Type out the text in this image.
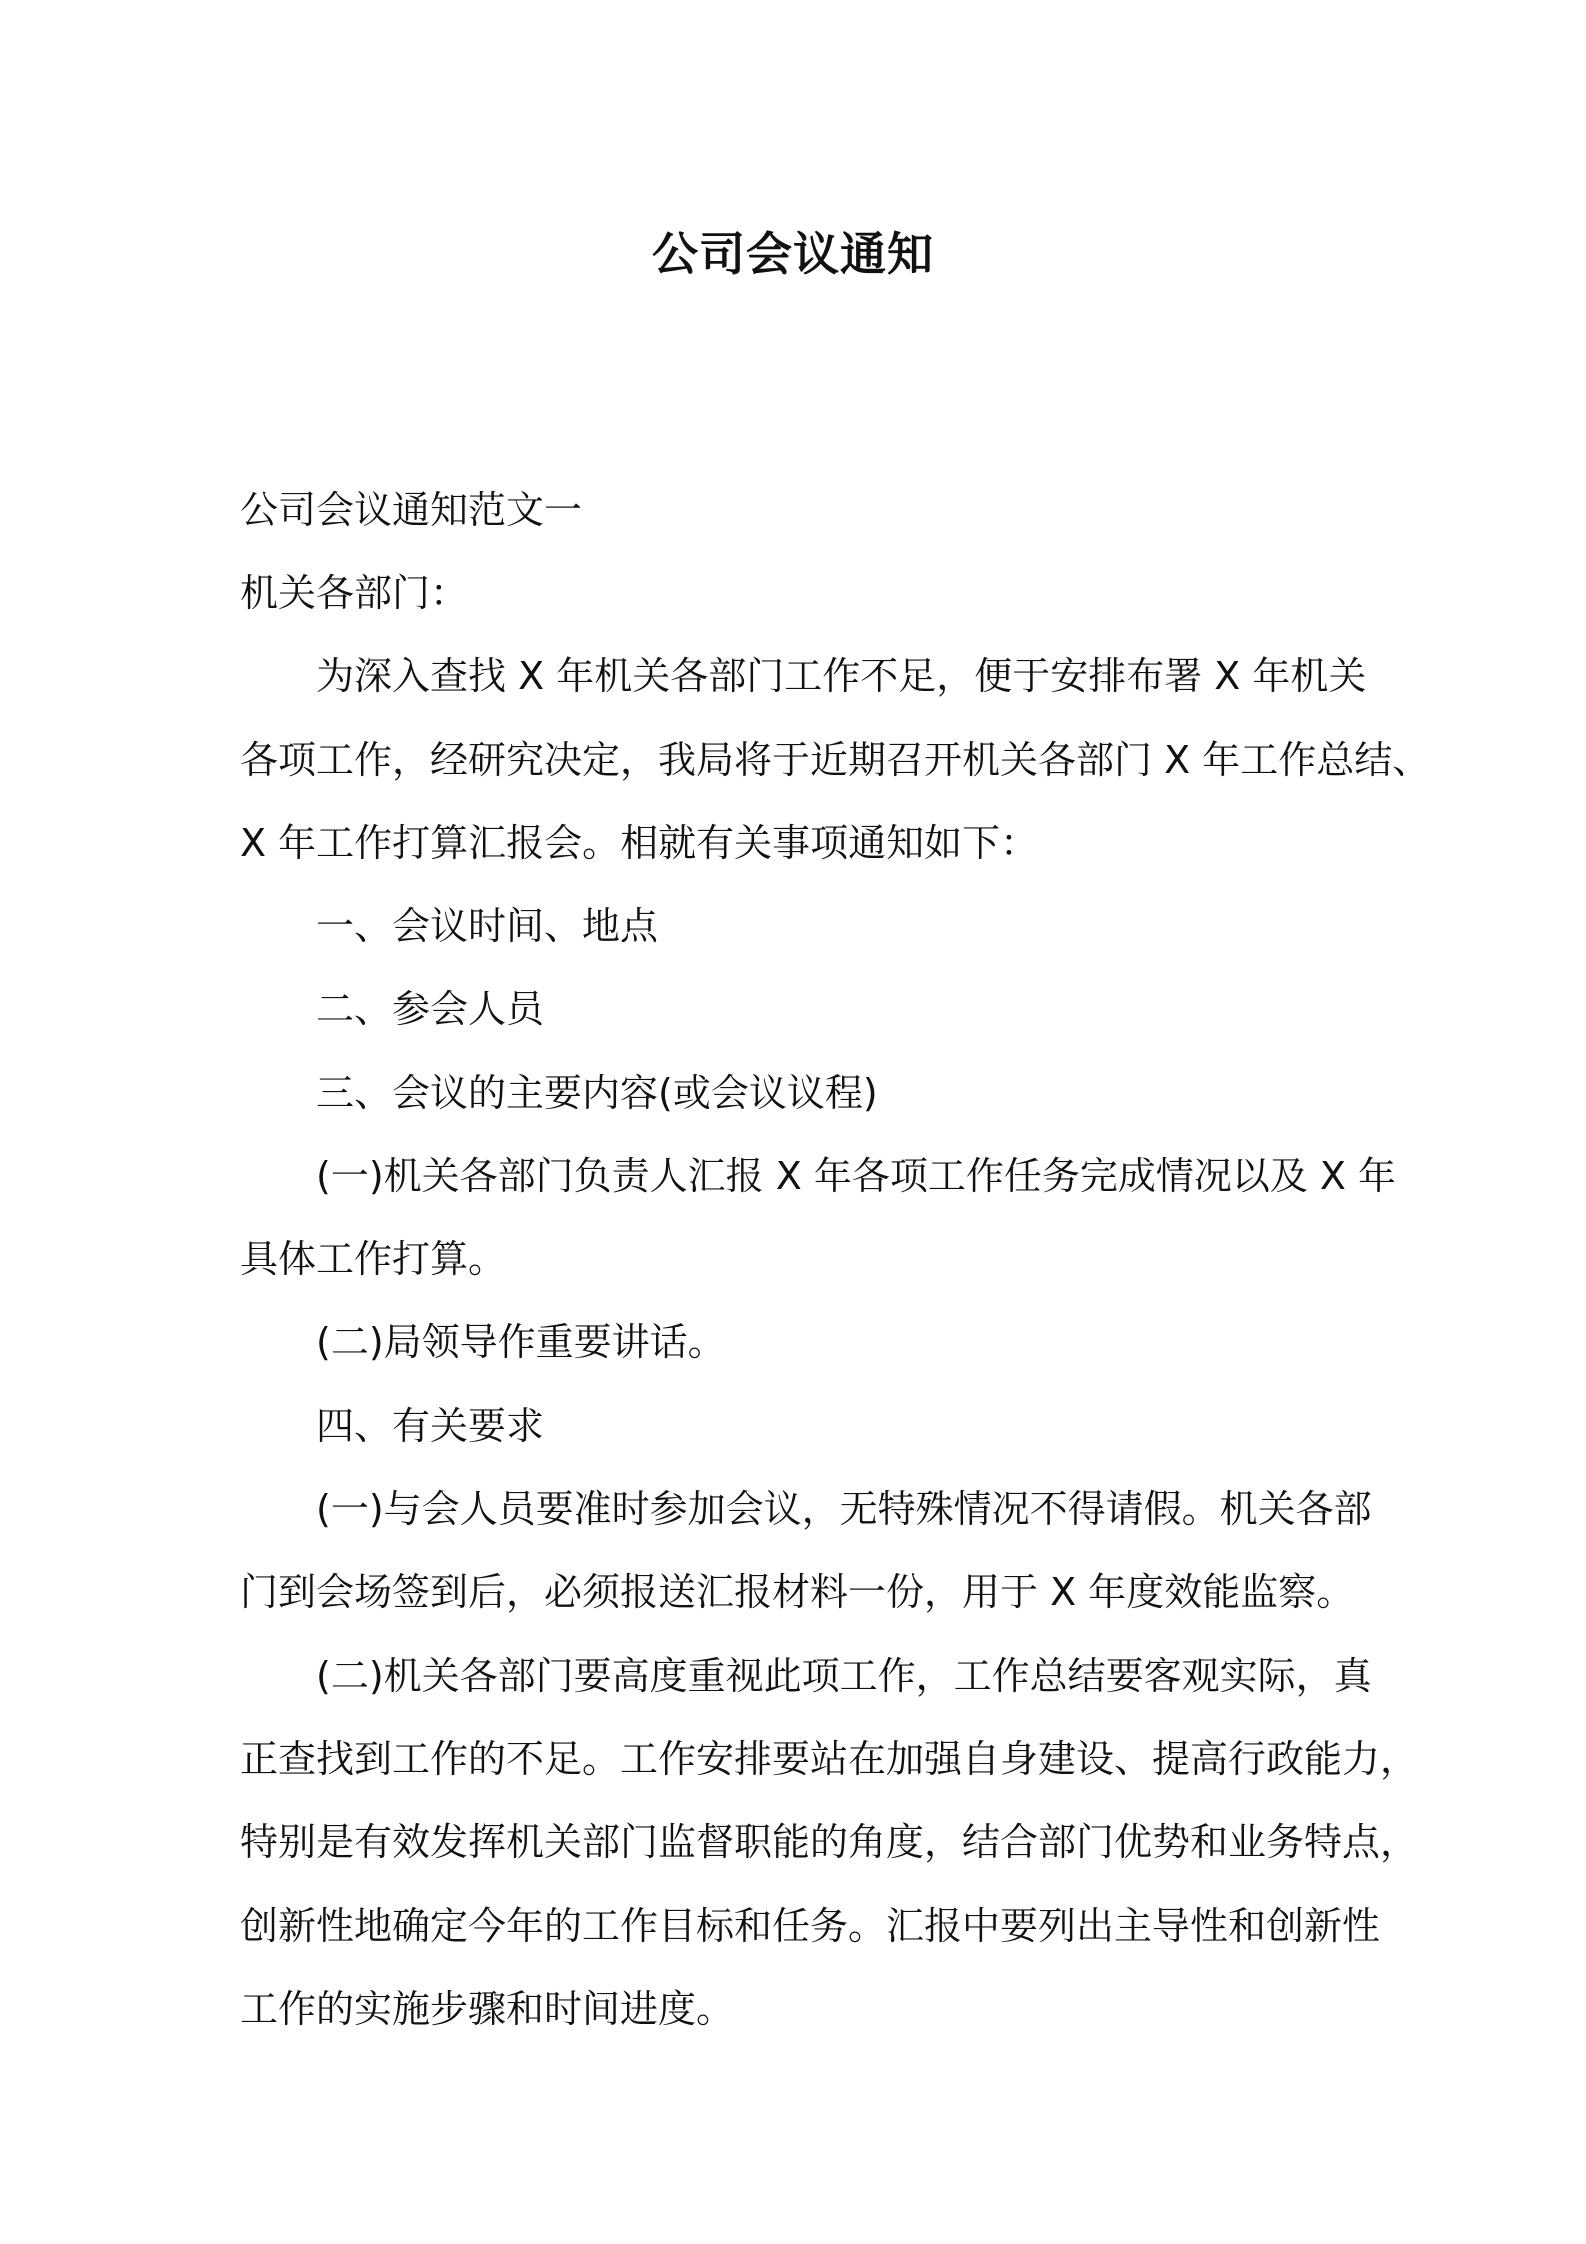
公司会议通知
公司会议通知范文一
机关各部门：
为深入查找 X 年机关各部门工作不足，便于安排布署 X 年机关
各项工作，经研究决定，我局将于近期召开机关各部门 X 年工作总结、
X 年工作打算汇报会。相就有关事项通知如下：
一、会议时间、地点
二、参会人员
三、会议的主要内容(或会议议程)
(一)机关各部门负责人汇报 X 年各项工作任务完成情况以及 X 年
具体工作打算。
(二)局领导作重要讲话。
四、有关要求
(一)与会人员要准时参加会议，无特殊情况不得请假。机关各部
门到会场签到后，必须报送汇报材料一份，用于 X 年度效能监察。
(二)机关各部门要高度重视此项工作，工作总结要客观实际，真
正查找到工作的不足。工作安排要站在加强自身建设、提高行政能力，
特别是有效发挥机关部门监督职能的角度，结合部门优势和业务特点，
创新性地确定今年的工作目标和任务。汇报中要列出主导性和创新性
工作的实施步骤和时间进度。
